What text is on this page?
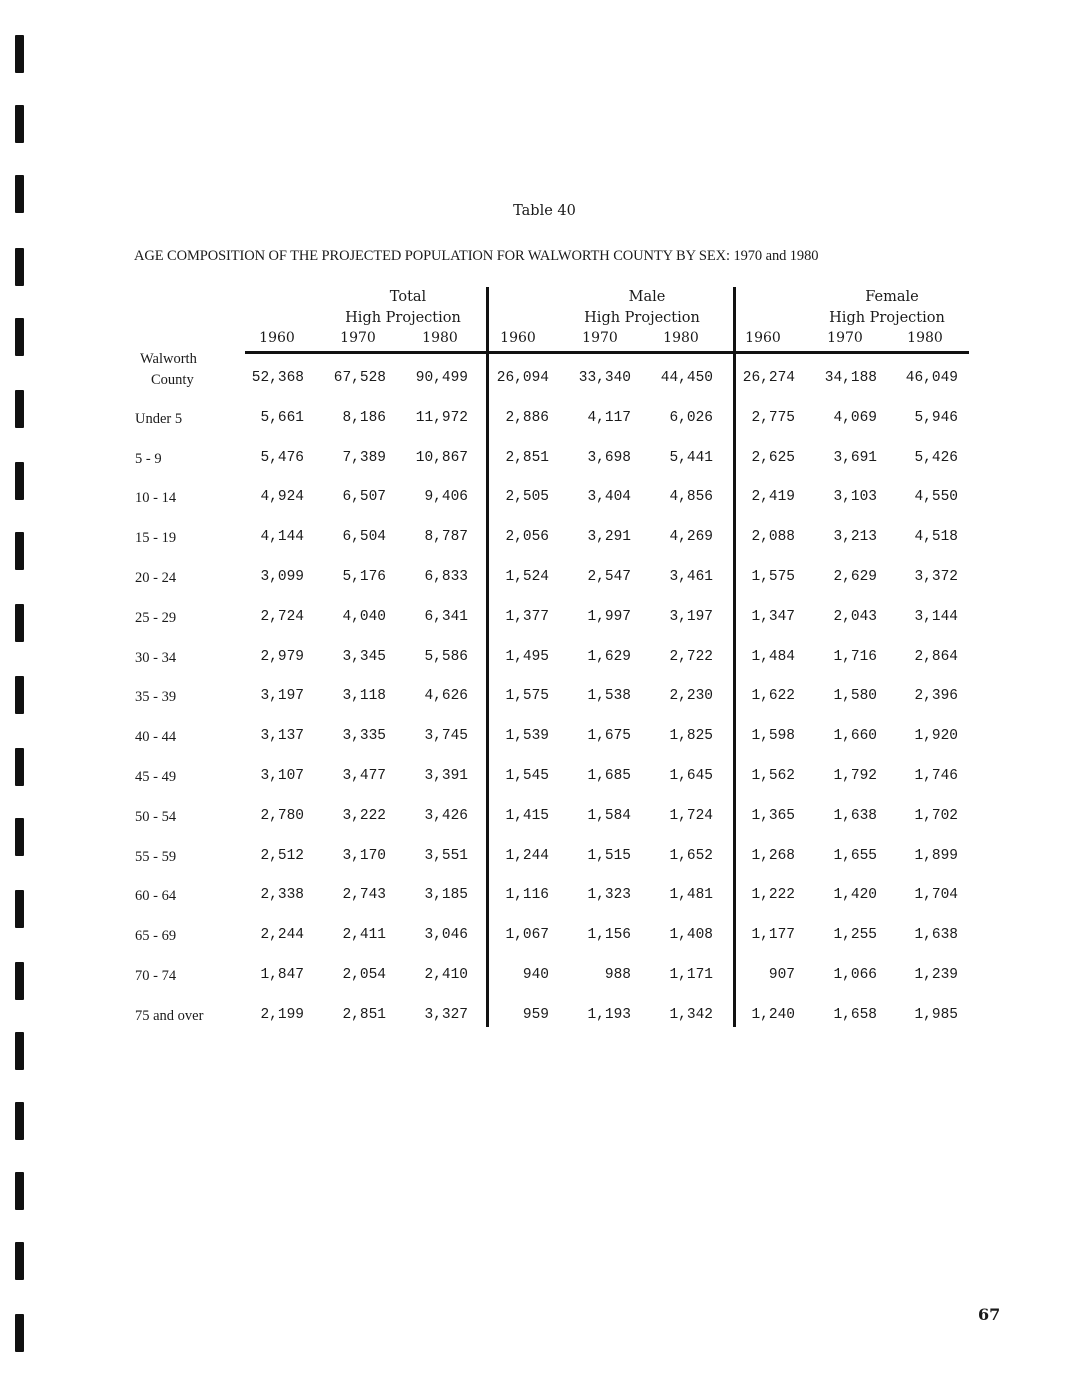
Table 40
AGE COMPOSITION OF THE PROJECTED POPULATION FOR WALWORTH COUNTY BY SEX: 1970 and 1980
Total
High Projection
Male
High Projection
Female
High Projection
1960	1970	1980	1960	1970	1980	1960	1970	1980
Walworth
County	52,368	67,528	90,499	26,094	33,340	44,450	26,274	34,188	46,049
Under 5	5,661	8,186	11,972	2,886	4,117	6,026	2,775	4,069	5,946
5 - 9	5,476	7,389	10,867	2,851	3,698	5,441	2,625	3,691	5,426
10 - 14	4,924	6,507	9,406	2,505	3,404	4,856	2,419	3,103	4,550
15 - 19	4,144	6,504	8,787	2,056	3,291	4,269	2,088	3,213	4,518
20 - 24	3,099	5,176	6,833	1,524	2,547	3,461	1,575	2,629	3,372
25 - 29	2,724	4,040	6,341	1,377	1,997	3,197	1,347	2,043	3,144
30 - 34	2,979	3,345	5,586	1,495	1,629	2,722	1,484	1,716	2,864
35 - 39	3,197	3,118	4,626	1,575	1,538	2,230	1,622	1,580	2,396
40 - 44	3,137	3,335	3,745	1,539	1,675	1,825	1,598	1,660	1,920
45 - 49	3,107	3,477	3,391	1,545	1,685	1,645	1,562	1,792	1,746
50 - 54	2,780	3,222	3,426	1,415	1,584	1,724	1,365	1,638	1,702
55 - 59	2,512	3,170	3,551	1,244	1,515	1,652	1,268	1,655	1,899
60 - 64	2,338	2,743	3,185	1,116	1,323	1,481	1,222	1,420	1,704
65 - 69	2,244	2,411	3,046	1,067	1,156	1,408	1,177	1,255	1,638
70 - 74	1,847	2,054	2,410	940	988	1,171	907	1,066	1,239
75 and over	2,199	2,851	3,327	959	1,193	1,342	1,240	1,658	1,985
67
